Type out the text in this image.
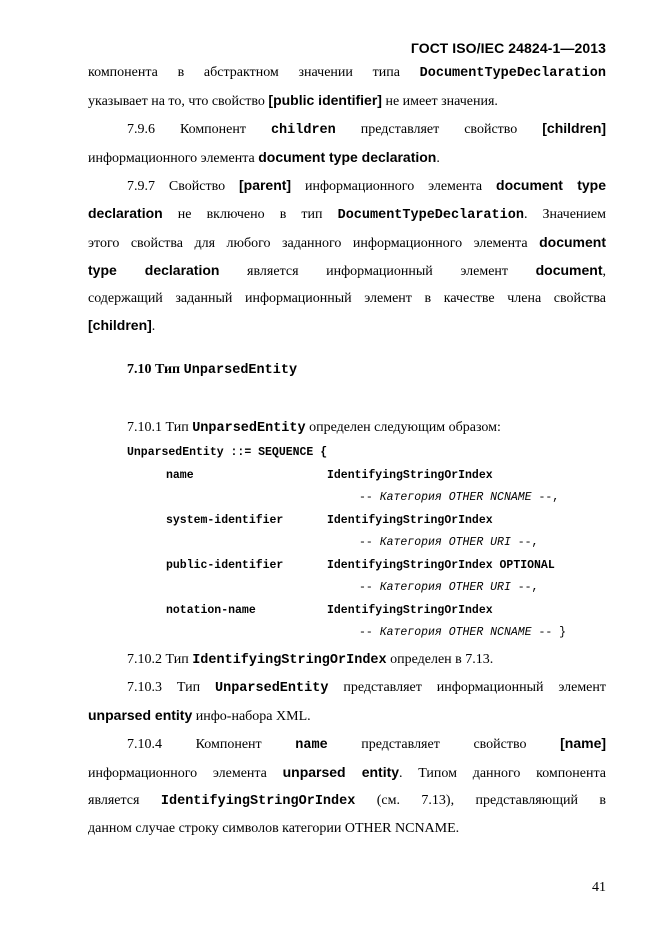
ГОСТ ISO/IEC 24824-1—2013

компонента в абстрактном значении типа DocumentTypeDeclaration

указывает на то, что свойство [public identifier] не имеет значения.

7.9.6 Компонент children представляет свойство [children]

информационного элемента document type declaration.

7.9.7 Свойство [parent] информационного элемента document type

declaration не включено в тип DocumentTypeDeclaration. Значением

этого свойства для любого заданного информационного элемента document

type declaration является информационный элемент document,

содержащий заданный информационный элемент в качестве члена свойства

[children].

7.10 Тип UnparsedEntity

7.10.1 Тип UnparsedEntity определен следующим образом:

UnparsedEntity ::= SEQUENCE {
name	IdentifyingStringOrIndex
-- Категория OTHER NCNAME --,
system-identifier	IdentifyingStringOrIndex
-- Категория OTHER URI --,
public-identifier	IdentifyingStringOrIndex OPTIONAL
-- Категория OTHER URI --,
notation-name	IdentifyingStringOrIndex
-- Категория OTHER NCNAME -- }

7.10.2 Тип IdentifyingStringOrIndex определен в 7.13.

7.10.3 Тип UnparsedEntity представляет информационный элемент

unparsed entity инфо-набора XML.

7.10.4 Компонент name представляет свойство [name]

информационного элемента unparsed entity. Типом данного компонента

является IdentifyingStringOrIndex (см. 7.13), представляющий в

данном случае строку символов категории OTHER NCNAME.

41
